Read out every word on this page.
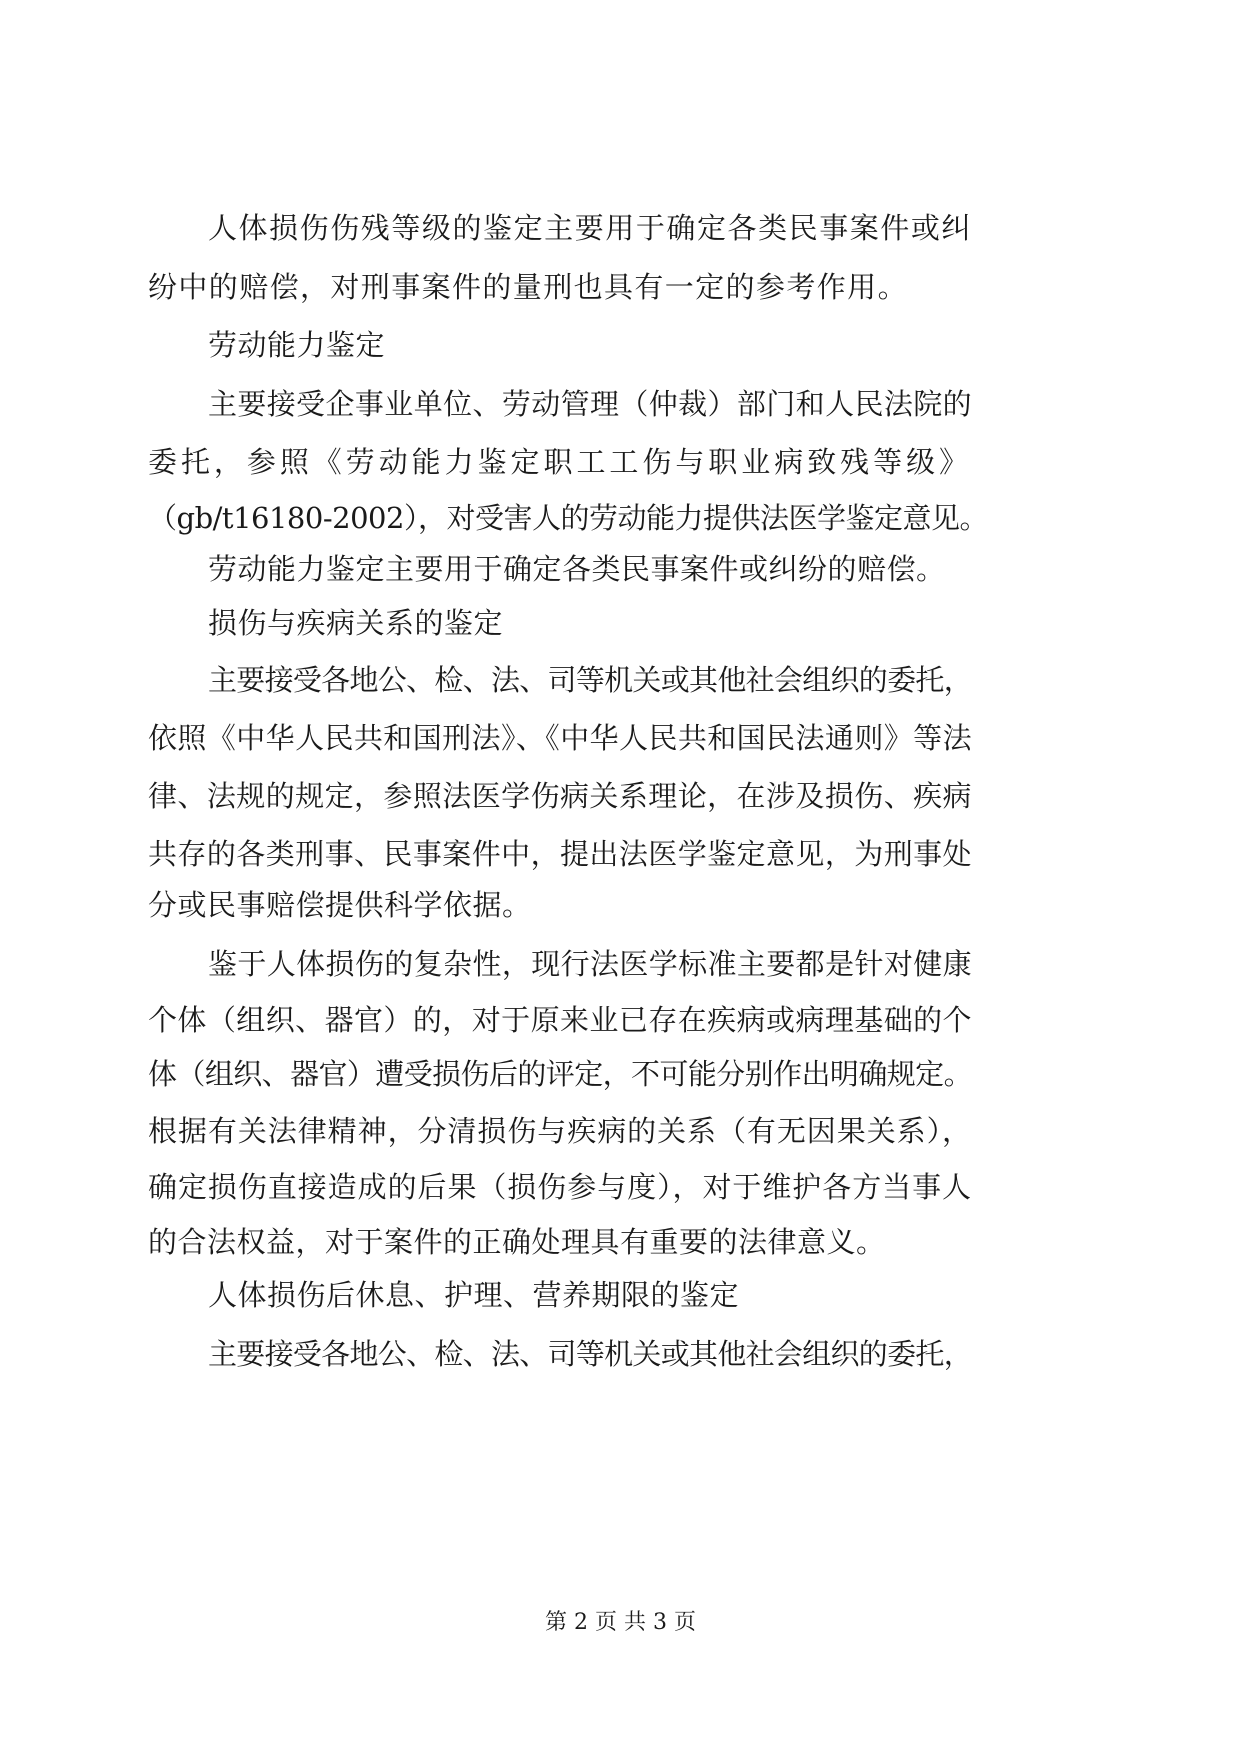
人体损伤伤残等级的鉴定主要用于确定各类民事案件或纠
纷中的赔偿，对刑事案件的量刑也具有一定的参考作用。
劳动能力鉴定
主要接受企事业单位、劳动管理（仲裁）部门和人民法院的
委托，参照《劳动能力鉴定职工工伤与职业病致残等级》
（gb/t16180-2002），对受害人的劳动能力提供法医学鉴定意见。
劳动能力鉴定主要用于确定各类民事案件或纠纷的赔偿。
损伤与疾病关系的鉴定
主要接受各地公、检、法、司等机关或其他社会组织的委托，
依照《中华人民共和国刑法》、《中华人民共和国民法通则》等法
律、法规的规定，参照法医学伤病关系理论，在涉及损伤、疾病
共存的各类刑事、民事案件中，提出法医学鉴定意见，为刑事处
分或民事赔偿提供科学依据。
鉴于人体损伤的复杂性，现行法医学标准主要都是针对健康
个体（组织、器官）的，对于原来业已存在疾病或病理基础的个
体（组织、器官）遭受损伤后的评定，不可能分别作出明确规定。
根据有关法律精神，分清损伤与疾病的关系（有无因果关系），
确定损伤直接造成的后果（损伤参与度），对于维护各方当事人
的合法权益，对于案件的正确处理具有重要的法律意义。
人体损伤后休息、护理、营养期限的鉴定
主要接受各地公、检、法、司等机关或其他社会组织的委托，
第 2 页 共 3 页
